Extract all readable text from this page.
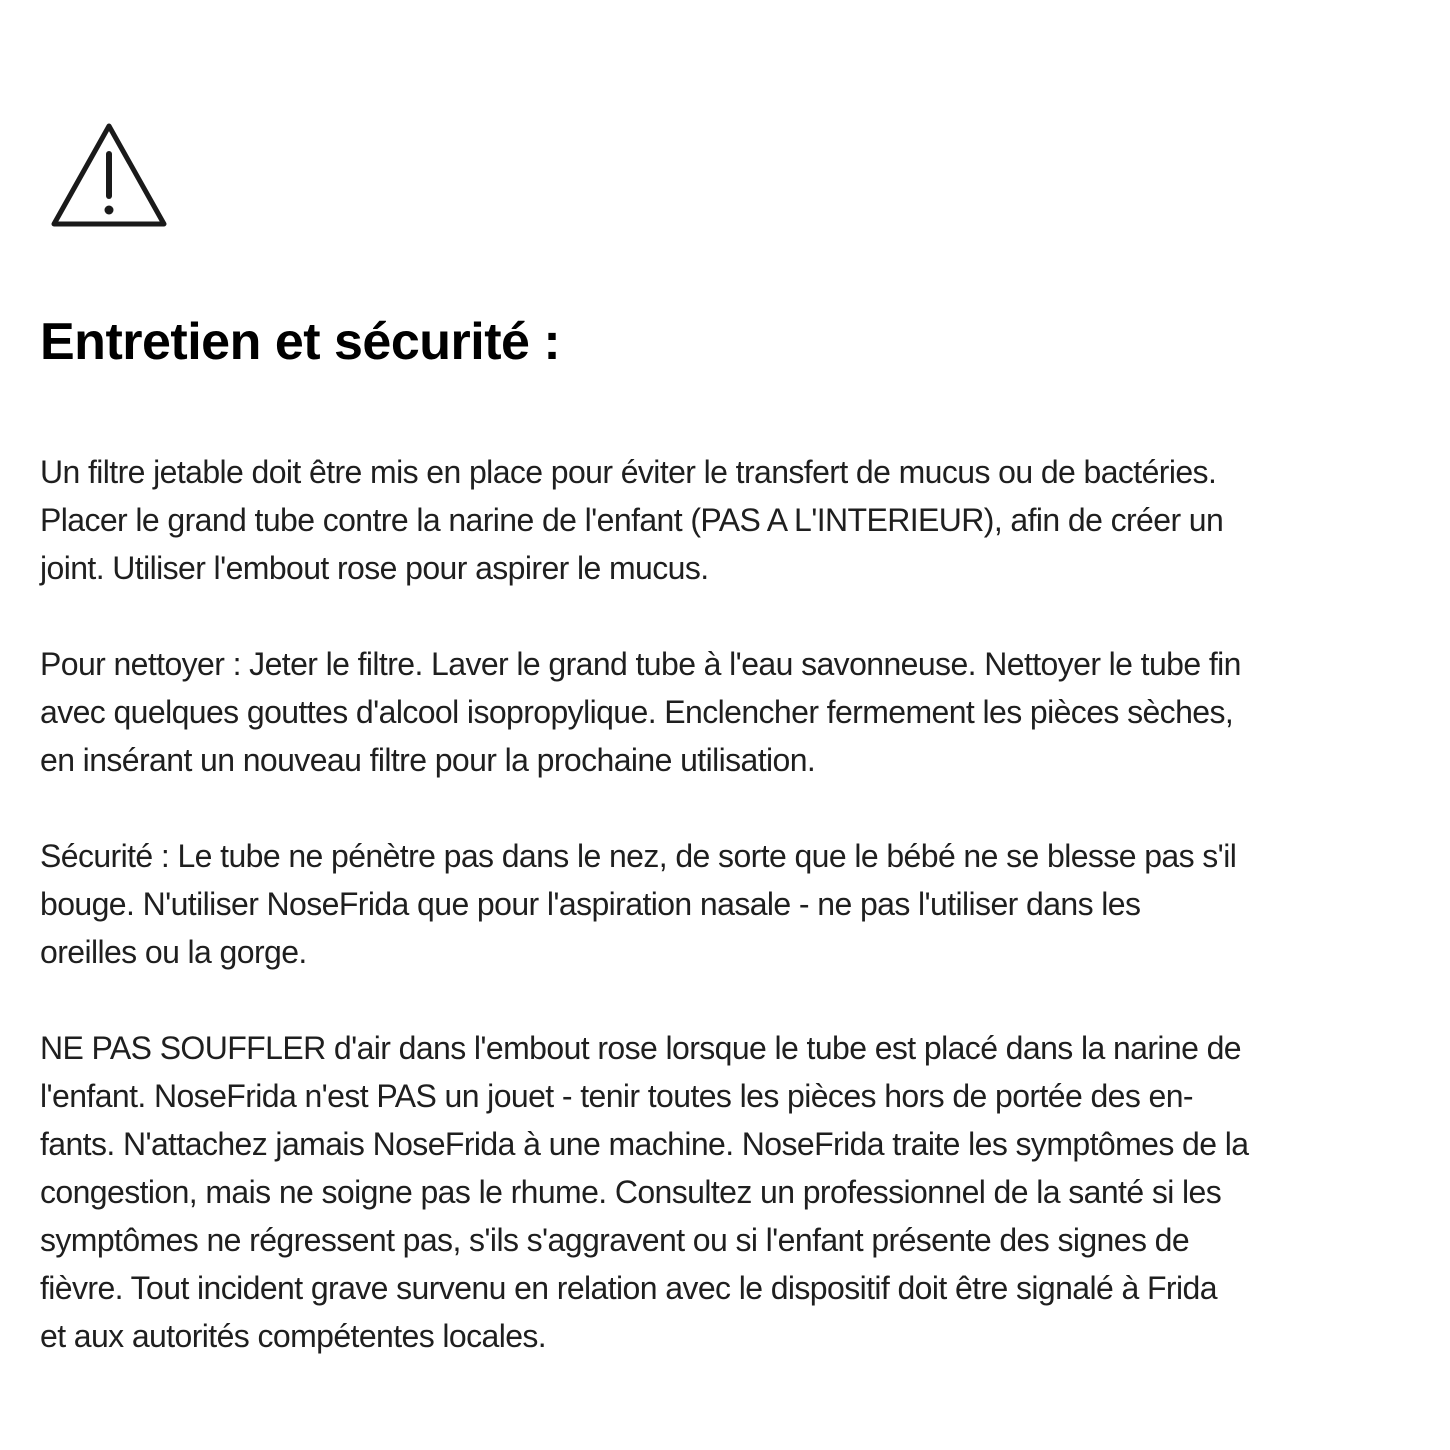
Entretien et sécurité :

Un filtre jetable doit être mis en place pour éviter le transfert de mucus ou de bactéries.
Placer le grand tube contre la narine de l'enfant (PAS A L'INTERIEUR), afin de créer un
joint. Utiliser l'embout rose pour aspirer le mucus.

Pour nettoyer : Jeter le filtre. Laver le grand tube à l'eau savonneuse. Nettoyer le tube fin
avec quelques gouttes d'alcool isopropylique. Enclencher fermement les pièces sèches,
en insérant un nouveau filtre pour la prochaine utilisation.

Sécurité : Le tube ne pénètre pas dans le nez, de sorte que le bébé ne se blesse pas s'il
bouge. N'utiliser NoseFrida que pour l'aspiration nasale - ne pas l'utiliser dans les
oreilles ou la gorge.

NE PAS SOUFFLER d'air dans l'embout rose lorsque le tube est placé dans la narine de
l'enfant. NoseFrida n'est PAS un jouet - tenir toutes les pièces hors de portée des en-
fants. N'attachez jamais NoseFrida à une machine. NoseFrida traite les symptômes de la
congestion, mais ne soigne pas le rhume. Consultez un professionnel de la santé si les
symptômes ne régressent pas, s'ils s'aggravent ou si l'enfant présente des signes de
fièvre. Tout incident grave survenu en relation avec le dispositif doit être signalé à Frida
et aux autorités compétentes locales.
